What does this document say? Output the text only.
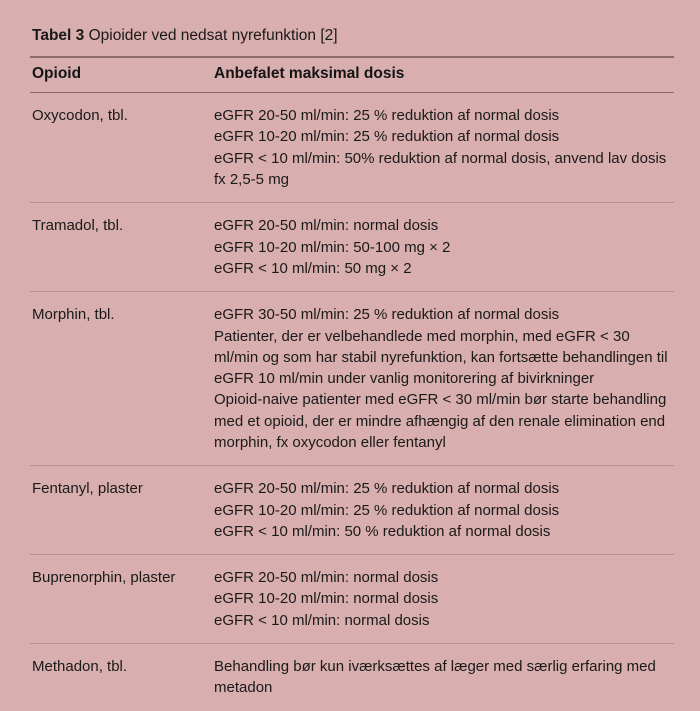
Tabel 3 Opioider ved nedsat nyrefunktion [2]
Opioid	Anbefalet maksimal dosis

Oxycodon, tbl.	eGFR 20-50 ml/min: 25 % reduktion af normal dosis
eGFR 10-20 ml/min: 25 % reduktion af normal dosis
eGFR < 10 ml/min: 50% reduktion af normal dosis, anvend lav dosis fx 2,5-5 mg

Tramadol, tbl.	eGFR 20-50 ml/min: normal dosis
eGFR 10-20 ml/min: 50-100 mg × 2
eGFR < 10 ml/min: 50 mg × 2

Morphin, tbl.	eGFR 30-50 ml/min: 25 % reduktion af normal dosis
Patienter, der er velbehandlede med morphin, med eGFR < 30 ml/min og som har stabil nyrefunktion, kan fortsætte behandlingen til eGFR 10 ml/min under vanlig monitorering af bivirkninger
Opioid-naive patienter med eGFR < 30 ml/min bør starte behandling med et opioid, der er mindre afhængig af den renale elimination end morphin, fx oxycodon eller fentanyl

Fentanyl, plaster	eGFR 20-50 ml/min: 25 % reduktion af normal dosis
eGFR 10-20 ml/min: 25 % reduktion af normal dosis
eGFR < 10 ml/min: 50 % reduktion af normal dosis

Buprenorphin, plaster	eGFR 20-50 ml/min: normal dosis
eGFR 10-20 ml/min: normal dosis
eGFR < 10 ml/min: normal dosis

Methadon, tbl.	Behandling bør kun iværksættes af læger med særlig erfaring med metadon
